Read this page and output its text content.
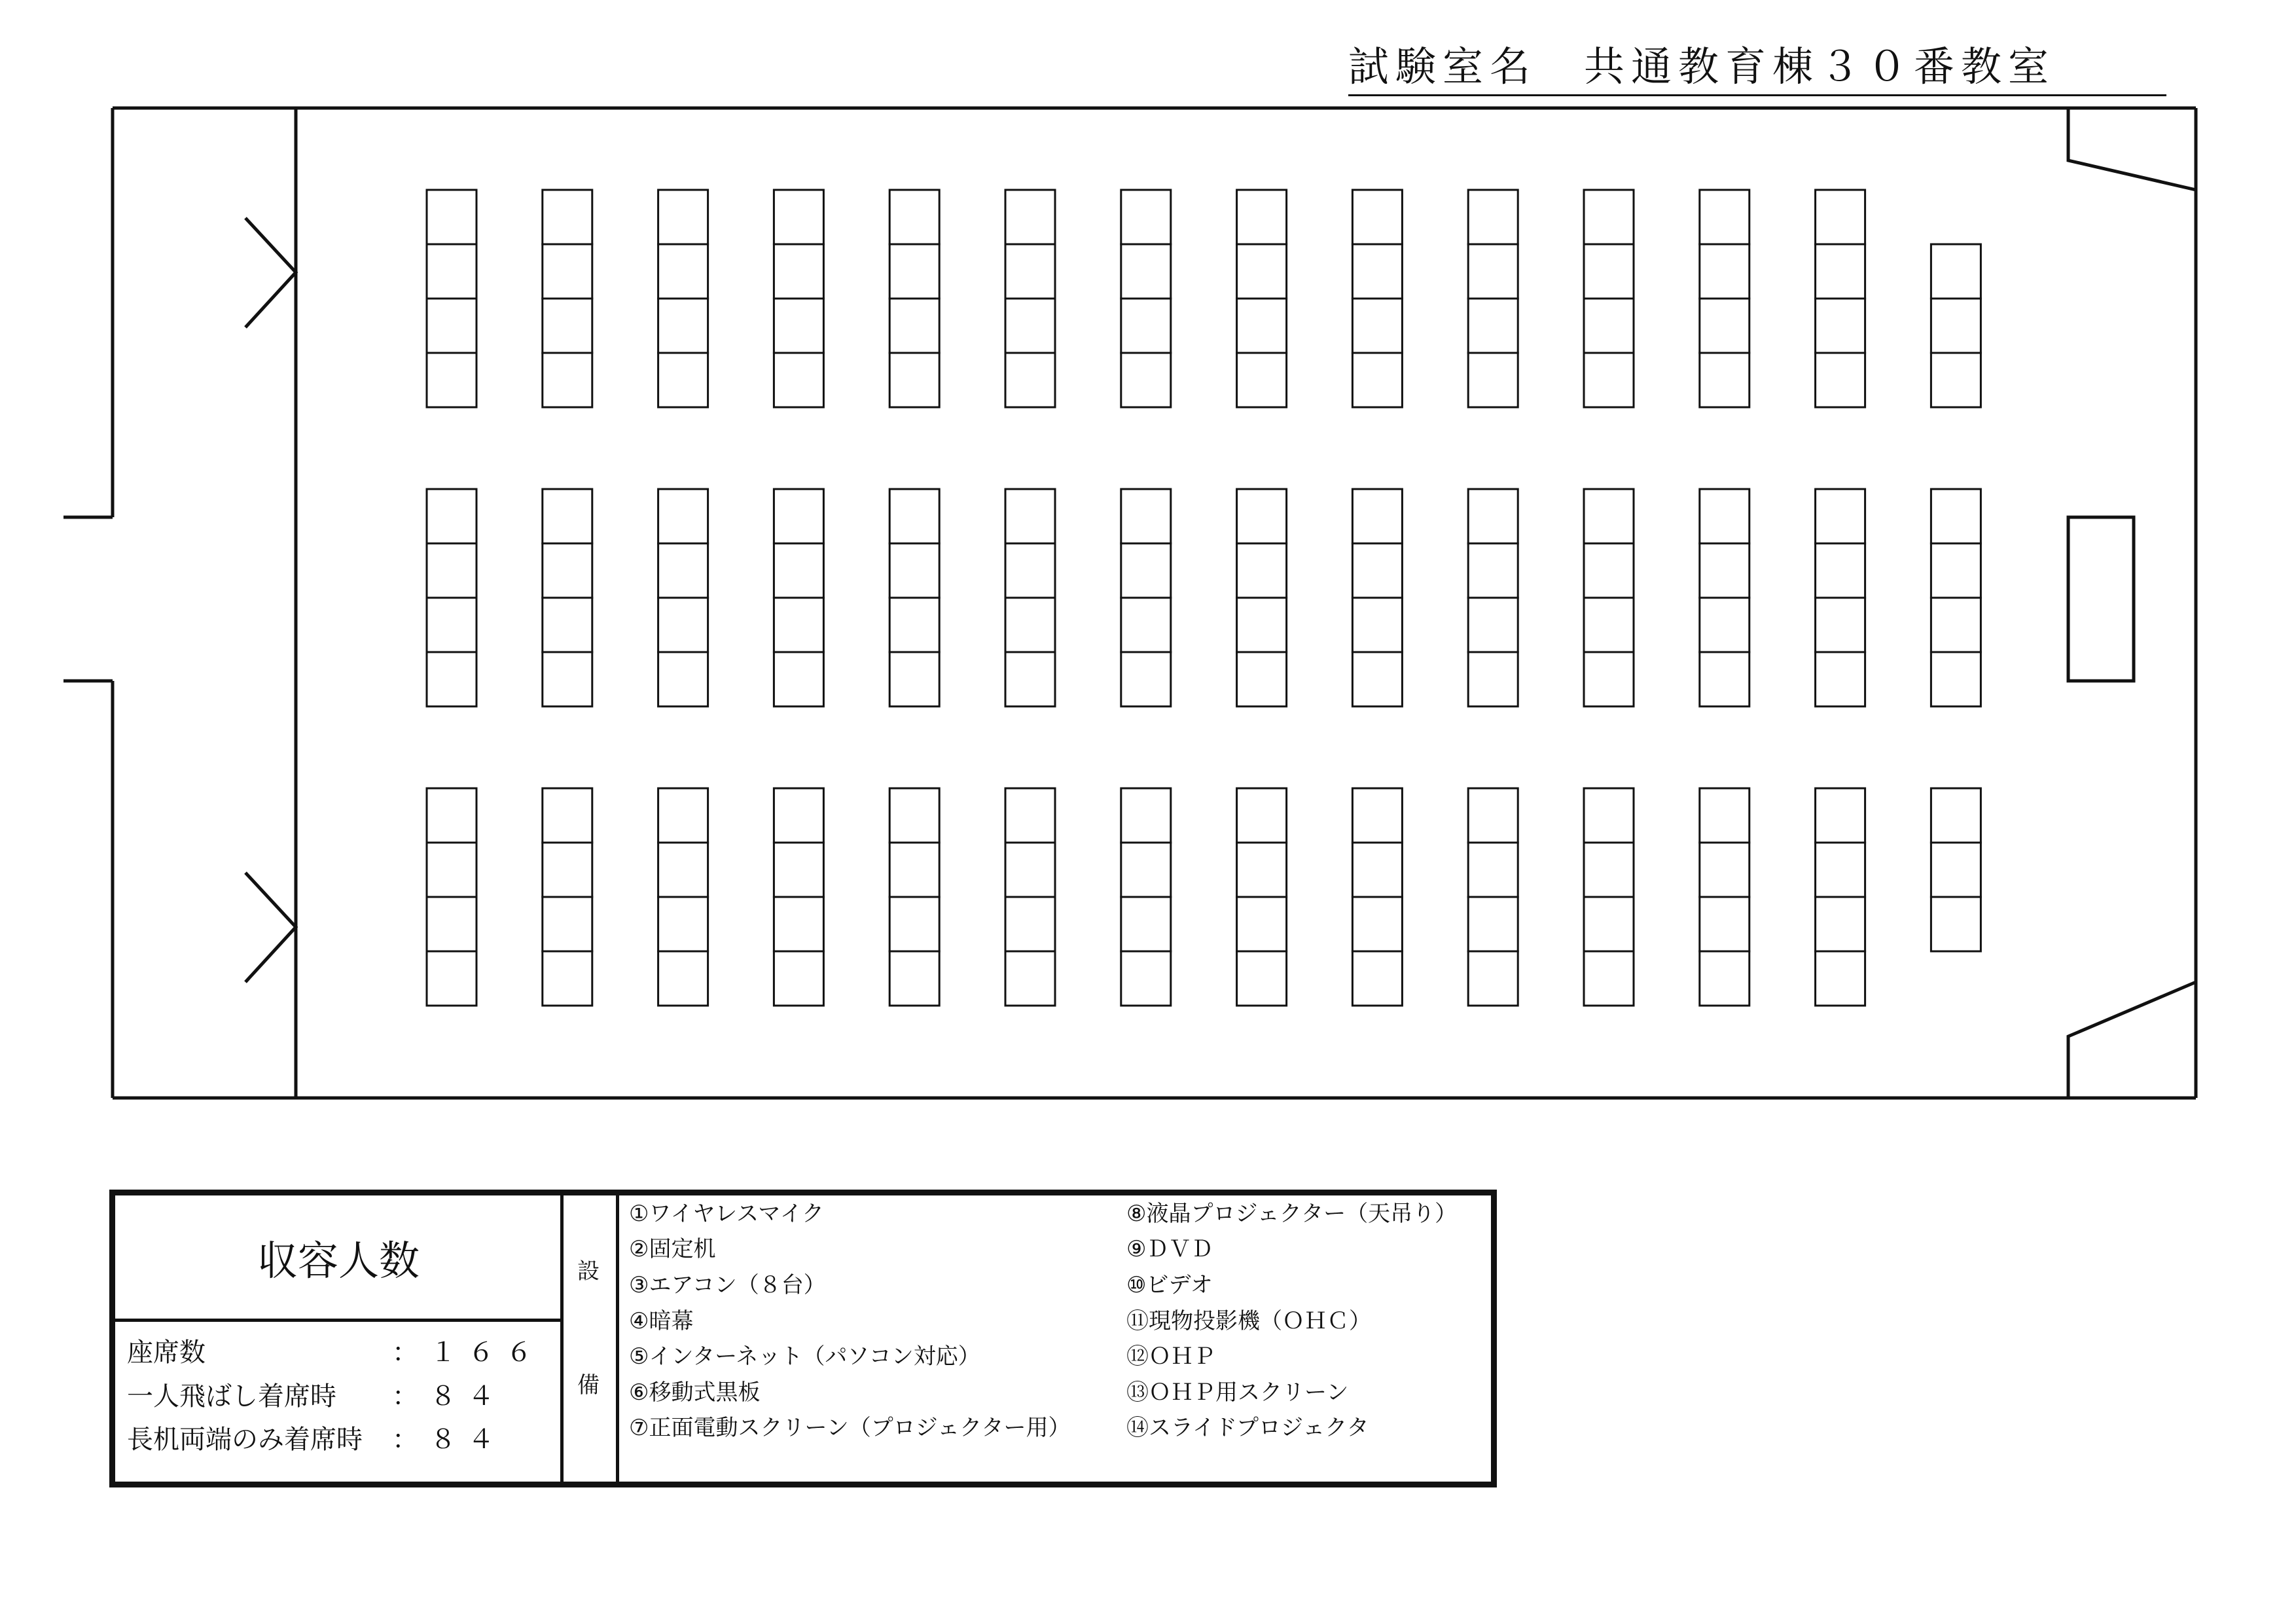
試験室名　共通教育棟３０番教室
収容人数

座席数

	：１６６

一人飛ばし着席時

：８４

長机両端のみ着席時

：８４

設
備
①ワイヤレスマイク
②固定机
③エアコン（８台）
④暗幕
⑤インターネット（パソコン対応）
⑥移動式黒板
⑦正面電動スクリーン（プロジェクター用）
⑧液晶プロジェクター（天吊り）
⑨ＤＶＤ
⑩ビデオ
⑪現物投影機（ＯＨＣ）
⑫ＯＨＰ
⑬ＯＨＰ用スクリーン
⑭スライドプロジェクタ
